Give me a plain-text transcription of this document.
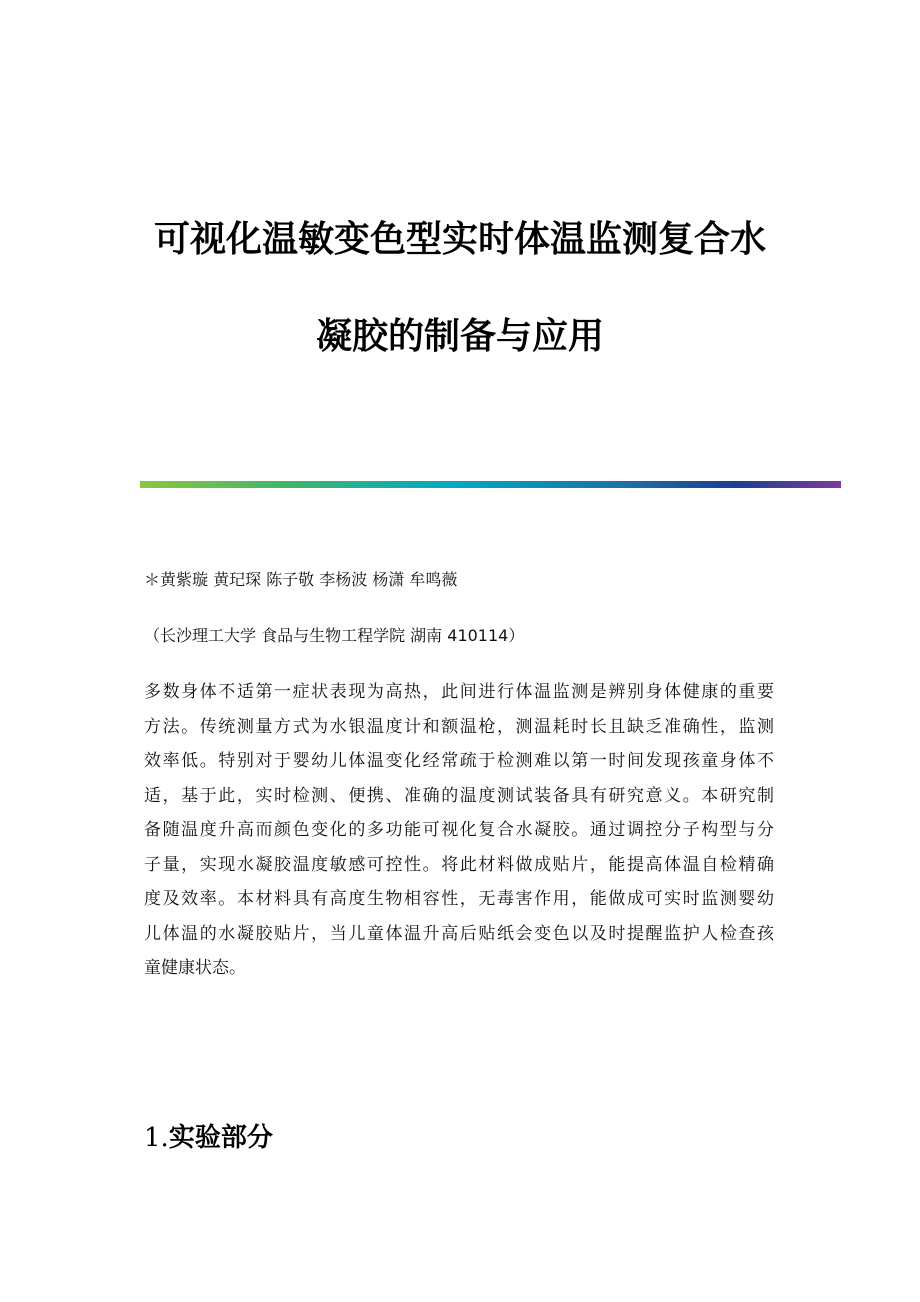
可视化温敏变色型实时体温监测复合水
凝胶的制备与应用
＊黄紫璇 黄玘琛 陈子敬 李杨波 杨潇 牟鸣薇
（长沙理工大学 食品与生物工程学院 湖南 410114）
多数身体不适第一症状表现为高热，此间进行体温监测是辨别身体健康的重要
方法。传统测量方式为水银温度计和额温枪，测温耗时长且缺乏准确性，监测
效率低。特别对于婴幼儿体温变化经常疏于检测难以第一时间发现孩童身体不
适，基于此，实时检测、便携、准确的温度测试装备具有研究意义。本研究制
备随温度升高而颜色变化的多功能可视化复合水凝胶。通过调控分子构型与分
子量，实现水凝胶温度敏感可控性。将此材料做成贴片，能提高体温自检精确
度及效率。本材料具有高度生物相容性，无毒害作用，能做成可实时监测婴幼
儿体温的水凝胶贴片，当儿童体温升高后贴纸会变色以及时提醒监护人检查孩
童健康状态。
1.实验部分
